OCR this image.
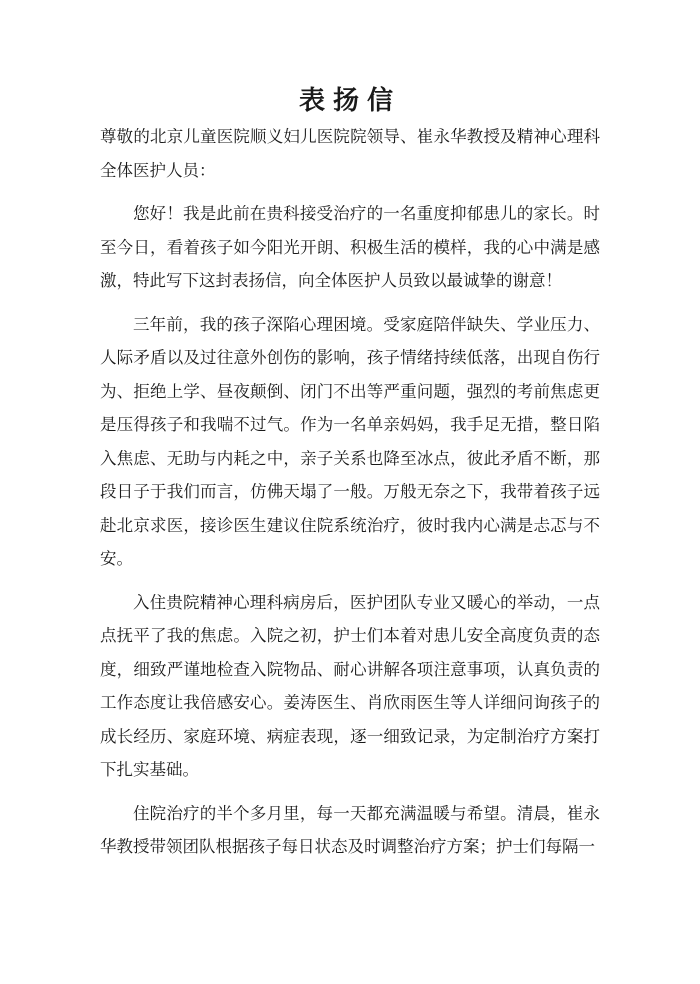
表扬信

尊敬的北京儿童医院顺义妇儿医院院领导、崔永华教授及精神心理科全体医护人员：

您好！我是此前在贵科接受治疗的一名重度抑郁患儿的家长。时至今日，看着孩子如今阳光开朗、积极生活的模样，我的心中满是感激，特此写下这封表扬信，向全体医护人员致以最诚挚的谢意！

三年前，我的孩子深陷心理困境。受家庭陪伴缺失、学业压力、人际矛盾以及过往意外创伤的影响，孩子情绪持续低落，出现自伤行为、拒绝上学、昼夜颠倒、闭门不出等严重问题，强烈的考前焦虑更是压得孩子和我喘不过气。作为一名单亲妈妈，我手足无措，整日陷入焦虑、无助与内耗之中，亲子关系也降至冰点，彼此矛盾不断，那段日子于我们而言，仿佛天塌了一般。万般无奈之下，我带着孩子远赴北京求医，接诊医生建议住院系统治疗，彼时我内心满是忐忑与不安。

入住贵院精神心理科病房后，医护团队专业又暖心的举动，一点点抚平了我的焦虑。入院之初，护士们本着对患儿安全高度负责的态度，细致严谨地检查入院物品、耐心讲解各项注意事项，认真负责的工作态度让我倍感安心。姜涛医生、肖欣雨医生等人详细问询孩子的成长经历、家庭环境、病症表现，逐一细致记录，为定制治疗方案打下扎实基础。

住院治疗的半个多月里，每一天都充满温暖与希望。清晨，崔永华教授带领团队根据孩子每日状态及时调整治疗方案；护士们每隔一
